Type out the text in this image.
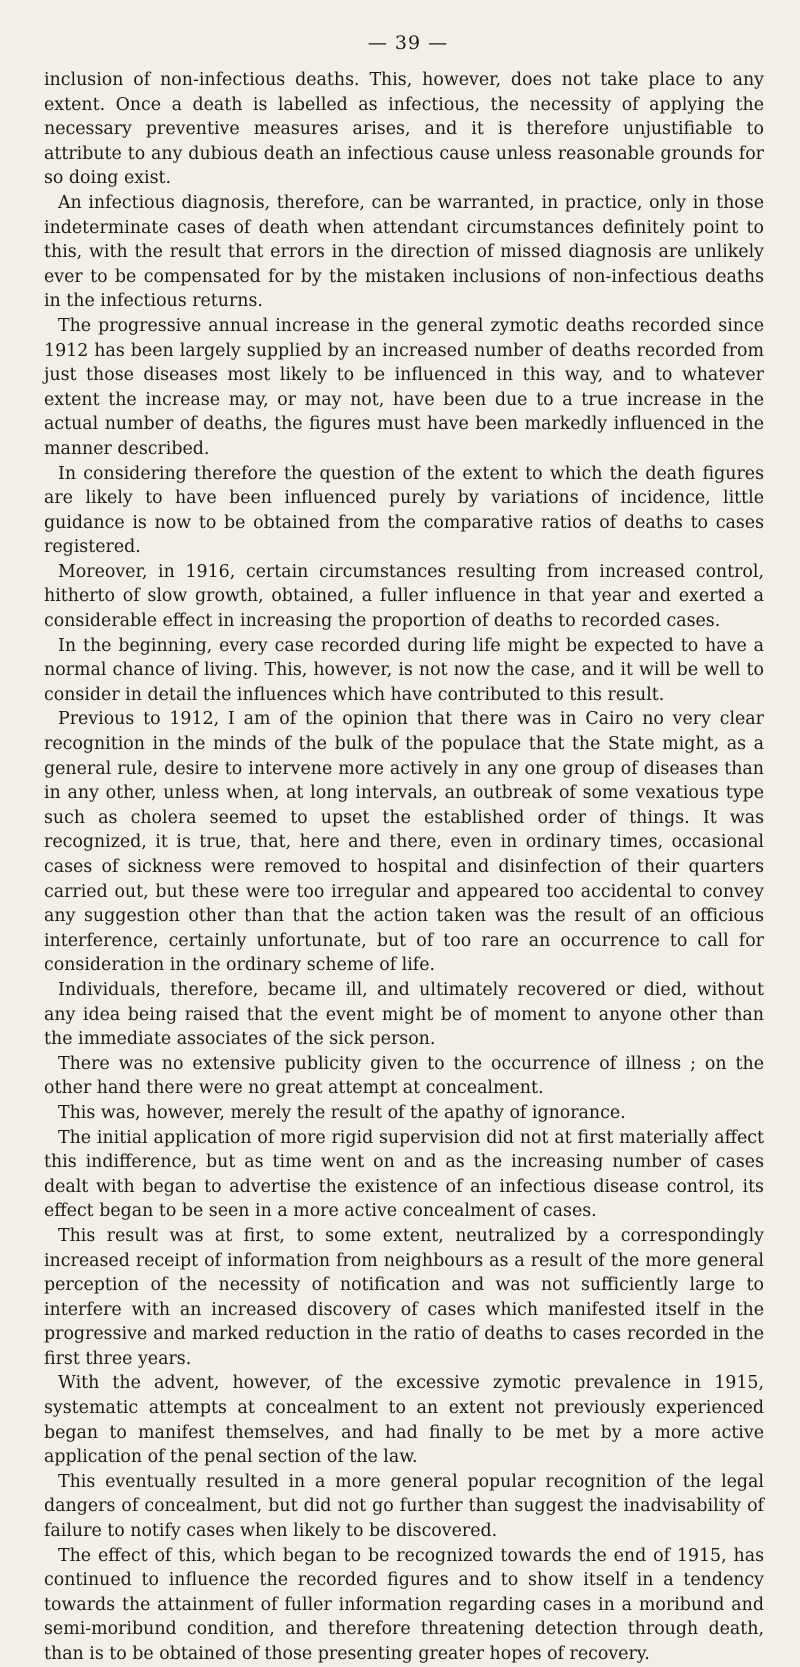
— 39 —

inclusion of non-infectious deaths. This, however, does not take place to any extent. Once a death is labelled as infectious, the necessity of applying the necessary preventive measures arises, and it is therefore unjustifiable to attribute to any dubious death an infectious cause unless reasonable grounds for so doing exist.

An infectious diagnosis, therefore, can be warranted, in practice, only in those indeterminate cases of death when attendant circumstances definitely point to this, with the result that errors in the direction of missed diagnosis are unlikely ever to be compensated for by the mistaken inclusions of non-infectious deaths in the infectious returns.

The progressive annual increase in the general zymotic deaths recorded since 1912 has been largely supplied by an increased number of deaths recorded from just those diseases most likely to be influenced in this way, and to whatever extent the increase may, or may not, have been due to a true increase in the actual number of deaths, the figures must have been markedly influenced in the manner described.

In considering therefore the question of the extent to which the death figures are likely to have been influenced purely by variations of incidence, little guidance is now to be obtained from the comparative ratios of deaths to cases registered.

Moreover, in 1916, certain circumstances resulting from increased control, hitherto of slow growth, obtained, a fuller influence in that year and exerted a considerable effect in increasing the proportion of deaths to recorded cases.

In the beginning, every case recorded during life might be expected to have a normal chance of living. This, however, is not now the case, and it will be well to consider in detail the influences which have contributed to this result.

Previous to 1912, I am of the opinion that there was in Cairo no very clear recognition in the minds of the bulk of the populace that the State might, as a general rule, desire to intervene more actively in any one group of diseases than in any other, unless when, at long intervals, an outbreak of some vexatious type such as cholera seemed to upset the established order of things. It was recognized, it is true, that, here and there, even in ordinary times, occasional cases of sickness were removed to hospital and disinfection of their quarters carried out, but these were too irregular and appeared too accidental to convey any suggestion other than that the action taken was the result of an officious interference, certainly unfortunate, but of too rare an occurrence to call for consideration in the ordinary scheme of life.

Individuals, therefore, became ill, and ultimately recovered or died, without any idea being raised that the event might be of moment to anyone other than the immediate associates of the sick person.

There was no extensive publicity given to the occurrence of illness ; on the other hand there were no great attempt at concealment.

This was, however, merely the result of the apathy of ignorance.

The initial application of more rigid supervision did not at first materially affect this indifference, but as time went on and as the increasing number of cases dealt with began to advertise the existence of an infectious disease control, its effect began to be seen in a more active concealment of cases.

This result was at first, to some extent, neutralized by a correspondingly increased receipt of information from neighbours as a result of the more general perception of the necessity of notification and was not sufficiently large to interfere with an increased discovery of cases which manifested itself in the progressive and marked reduction in the ratio of deaths to cases recorded in the first three years.

With the advent, however, of the excessive zymotic prevalence in 1915, systematic attempts at concealment to an extent not previously experienced began to manifest themselves, and had finally to be met by a more active application of the penal section of the law.

This eventually resulted in a more general popular recognition of the legal dangers of concealment, but did not go further than suggest the inadvisability of failure to notify cases when likely to be discovered.

The effect of this, which began to be recognized towards the end of 1915, has continued to influence the recorded figures and to show itself in a tendency towards the attainment of fuller information regarding cases in a moribund and semi-moribund condition, and therefore threatening detection through death, than is to be obtained of those presenting greater hopes of recovery.
